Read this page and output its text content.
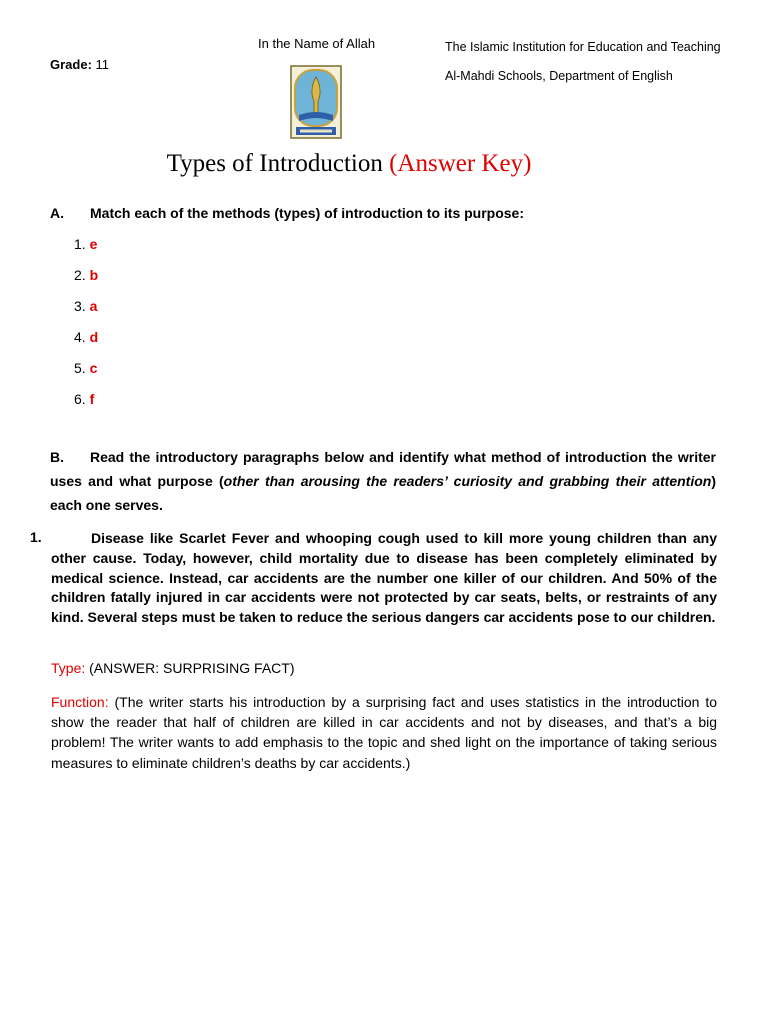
In the Name of Allah
Grade: 11
The Islamic Institution for Education and Teaching
Al-Mahdi Schools, Department of English
Types of Introduction (Answer Key)
A. Match each of the methods (types) of introduction to its purpose:
1. e
2. b
3. a
4. d
5. c
6. f
B. Read the introductory paragraphs below and identify what method of introduction the writer uses and what purpose (other than arousing the readers’ curiosity and grabbing their attention) each one serves.
1.	Disease like Scarlet Fever and whooping cough used to kill more young children than any other cause. Today, however, child mortality due to disease has been completely eliminated by medical science. Instead, car accidents are the number one killer of our children. And 50% of the children fatally injured in car accidents were not protected by car seats, belts, or restraints of any kind. Several steps must be taken to reduce the serious dangers car accidents pose to our children.
Type: (ANSWER: SURPRISING FACT)
Function: (The writer starts his introduction by a surprising fact and uses statistics in the introduction to show the reader that half of children are killed in car accidents and not by diseases, and that’s a big problem! The writer wants to add emphasis to the topic and shed light on the importance of taking serious measures to eliminate children’s deaths by car accidents.)
